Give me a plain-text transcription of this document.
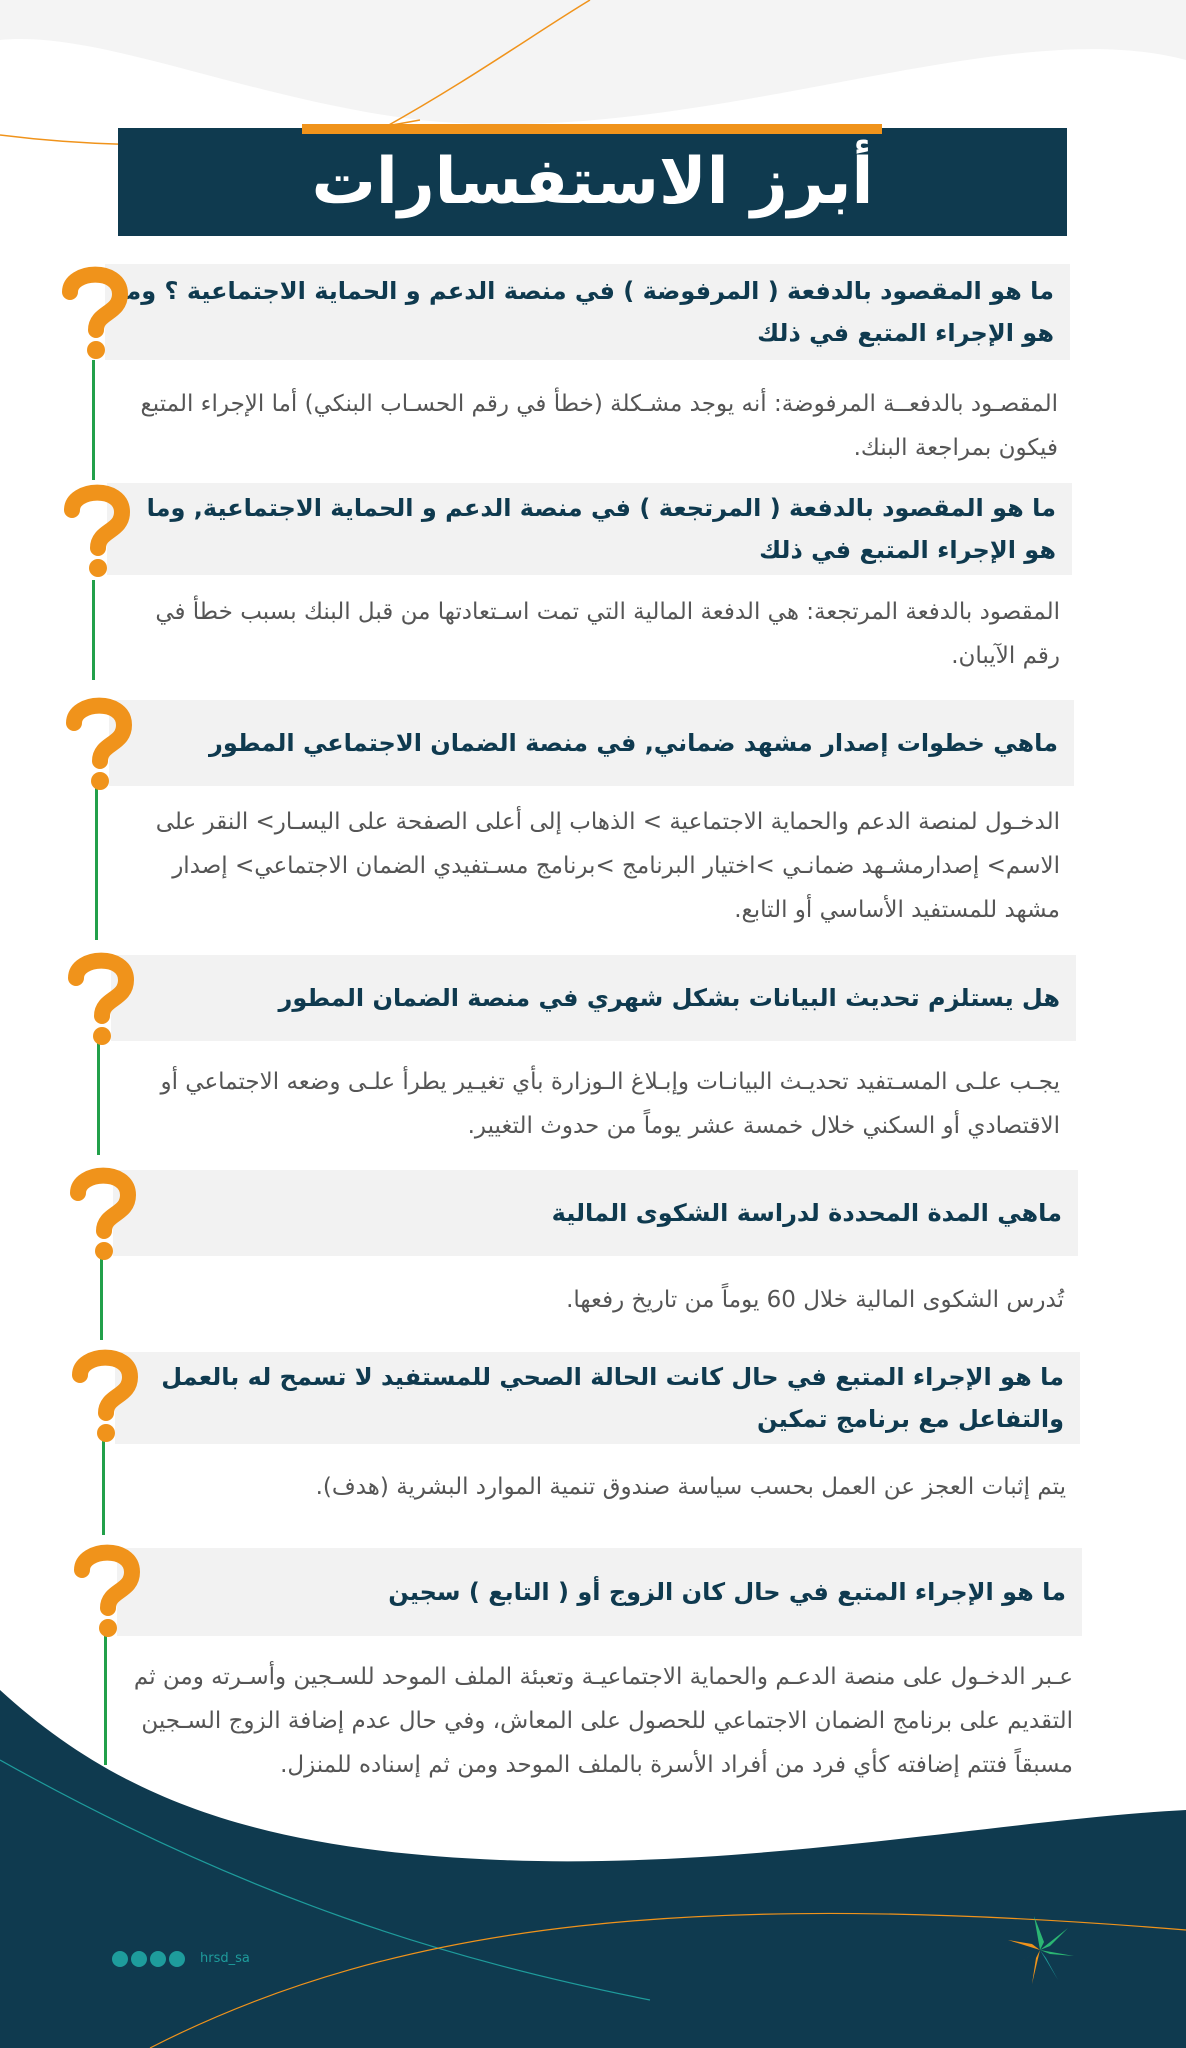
أبرز الاستفسارات
ما هو المقصود بالدفعة ( المرفوضة ) في منصة الدعم و الحماية الاجتماعية ؟ وما هو الإجراء المتبع في ذلك
المقصـود بالدفعــة المرفوضة: أنه يوجد مشـكلة (خطأ في رقم الحسـاب البنكي) أما الإجراء المتبع فيكون بمراجعة البنك.
ما هو المقصود بالدفعة ( المرتجعة ) في منصة الدعم و الحماية الاجتماعية, وما هو الإجراء المتبع في ذلك
المقصود بالدفعة المرتجعة: هي الدفعة المالية التي تمت اسـتعادتها من قبل البنك بسبب خطأ في رقم الآيبان.
ماهي خطوات إصدار مشهد ضماني, في منصة الضمان الاجتماعي المطور
الدخـول لمنصة الدعم والحماية الاجتماعية > الذهاب إلى أعلى الصفحة على اليسـار> النقر على الاسم> إصدارمشـهد ضمانـي >اختيار البرنامج >برنامج مسـتفيدي الضمان الاجتماعي> إصدار مشهد للمستفيد الأساسي أو التابع.
هل يستلزم تحديث البيانات بشكل شهري في منصة الضمان المطور
يجـب علـى المسـتفيد تحديـث البيانـات وإبـلاغ الـوزارة بأي تغيـير يطرأ علـى وضعه الاجتماعي أو الاقتصادي أو السكني خلال خمسة عشر يوماً من حدوث التغيير.
ماهي المدة المحددة لدراسة الشكوى المالية
تُدرس الشكوى المالية خلال 60 يوماً من تاريخ رفعها.
ما هو الإجراء المتبع في حال كانت الحالة الصحي للمستفيد لا تسمح له بالعمل والتفاعل مع برنامج تمكين
يتم إثبات العجز عن العمل بحسب سياسة صندوق تنمية الموارد البشرية (هدف).
ما هو الإجراء المتبع في حال كان الزوج أو ( التابع ) سجين
عـبر الدخـول على منصة الدعـم والحماية الاجتماعيـة وتعبئة الملف الموحد للسـجين وأسـرته ومن ثم التقديم على برنامج الضمان الاجتماعي للحصول على المعاش، وفي حال عدم إضافة الزوج السـجين مسبقاً فتتم إضافته كأي فرد من أفراد الأسرة بالملف الموحد ومن ثم إسناده للمنزل.
hrsd_sa
